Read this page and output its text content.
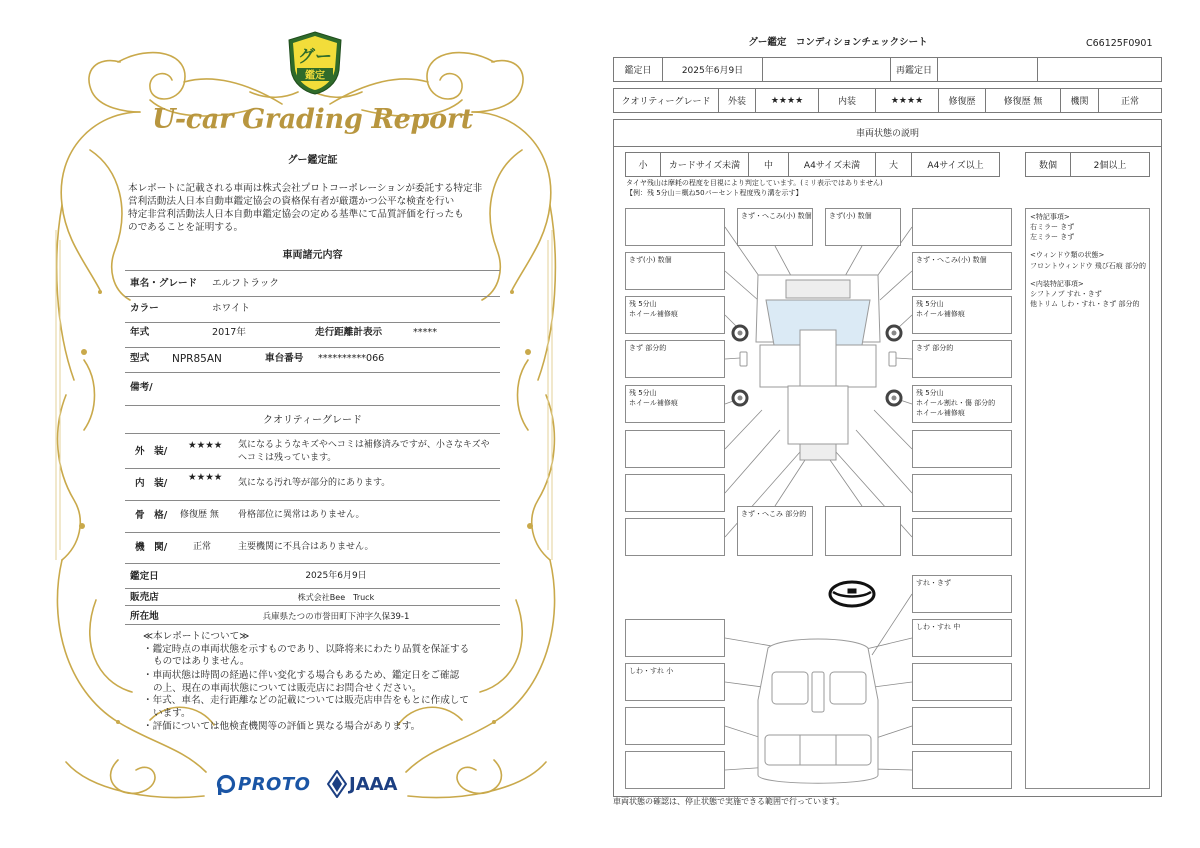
グー
鑑定
U-car Grading Report
グー鑑定証
本レポートに記載される車両は株式会社プロトコーポレーションが委託する特定非
営利活動法人日本自動車鑑定協会の資格保有者が厳選かつ公平な検査を行い
特定非営利活動法人日本自動車鑑定協会の定める基準にて品質評価を行ったも
のであることを証明する。
車両諸元内容
車名・グレード エルフトラック
カラー	ホワイト
年式	2017年	走行距離計表示	*****
型式 NPR85AN	車台番号 **********066
備考/
クオリティーグレード
外　装/
★★★★ 気になるようなキズやヘコミは補修済みですが、小さなキズや
ヘコミは残っています。
内　装/
★★★★ 気になる汚れ等が部分的にあります。
骨　格/ 修復歴 無 骨格部位に異常はありません。
機　関/	正常	主要機関に不具合はありません。
鑑定日	2025年6月9日
販売店	株式会社Bee　Truck
所在地	兵庫県たつの市誉田町下沖字久保39-1
≪本レポートについて≫
・鑑定時点の車両状態を示すものであり、以降将来にわたり品質を保証する
ものではありません。
・車両状態は時間の経過に伴い変化する場合もあるため、鑑定日をご確認
の上、現在の車両状態については販売店にお問合せください。
・年式、車名、走行距離などの記載については販売店申告をもとに作成して
います。
・評価については他検査機関等の評価と異なる場合があります。
PROTO JAAA
グー鑑定　コンディションチェックシート	C66125F0901
鑑定日	2025年6月9日	再鑑定日
クオリティーグレード	外装	★★★★	内装	★★★★	修復歴	修復歴 無	機関	正常
車両状態の説明
小	カードサイズ未満	中	A4サイズ未満	大	A4サイズ以上	数個	2個以上
タイヤ残山は摩耗の程度を目視により判定しています。(ミリ表示ではありません)
【例：残 5分山＝概ね50パーセント程度残り溝を示す】
きず(小) 数個
残 5分山
ホイール補修痕
きず 部分的
残 5分山
ホイール補修痕
きず・へこみ(小) 数個
残 5分山
ホイール補修痕
きず 部分的
残 5分山
ホイール割れ・傷 部分的
ホイール補修痕
きず・へこみ(小) 数個 きず(小) 数個
きず・へこみ 部分的
しわ・すれ 小
すれ・きず
しわ・すれ 中
<特記事項>
右ミラー きず
左ミラー きず
<ウィンドウ類の状態>
フロントウィンドウ 飛び石痕 部分的
<内装特記事項>
シフトノブ すれ・きず
他トリム しわ・すれ・きず 部分的
車両状態の確認は、停止状態で実施できる範囲で行っています。
